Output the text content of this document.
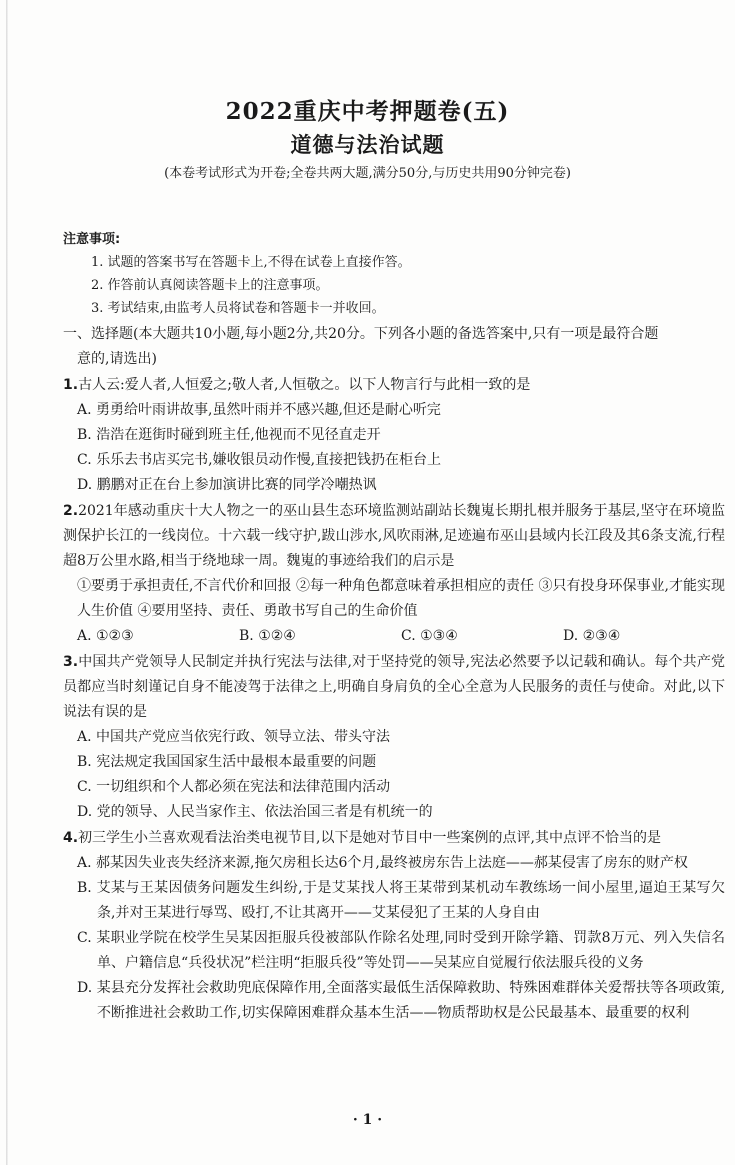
2022重庆中考押题卷(五)
道德与法治试题
(本卷考试形式为开卷;全卷共两大题,满分50分,与历史共用90分钟完卷)
注意事项:
1. 试题的答案书写在答题卡上,不得在试卷上直接作答。
2. 作答前认真阅读答题卡上的注意事项。
3. 考试结束,由监考人员将试卷和答题卡一并收回。
一、选择题(本大题共10小题,每小题2分,共20分。下列各小题的备选答案中,只有一项是最符合题
意的,请选出)
1.古人云:爱人者,人恒爱之;敬人者,人恒敬之。以下人物言行与此相一致的是
A. 勇勇给叶雨讲故事,虽然叶雨并不感兴趣,但还是耐心听完
B. 浩浩在逛街时碰到班主任,他视而不见径直走开
C. 乐乐去书店买完书,嫌收银员动作慢,直接把钱扔在柜台上
D. 鹏鹏对正在台上参加演讲比赛的同学冷嘲热讽
2.2021年感动重庆十大人物之一的巫山县生态环境监测站副站长魏嵬长期扎根并服务于基层,坚守在环境监测保护长江的一线岗位。十六载一线守护,跋山涉水,风吹雨淋,足迹遍布巫山县域内长江段及其6条支流,行程超8万公里水路,相当于绕地球一周。魏嵬的事迹给我们的启示是
①要勇于承担责任,不言代价和回报 ②每一种角色都意味着承担相应的责任 ③只有投身环保事业,才能实现人生价值 ④要用坚持、责任、勇敢书写自己的生命价值
A. ①②③	B. ①②④	C. ①③④	D. ②③④
3.中国共产党领导人民制定并执行宪法与法律,对于坚持党的领导,宪法必然要予以记载和确认。每个共产党员都应当时刻谨记自身不能凌驾于法律之上,明确自身肩负的全心全意为人民服务的责任与使命。对此,以下说法有误的是
A. 中国共产党应当依宪行政、领导立法、带头守法
B. 宪法规定我国国家生活中最根本最重要的问题
C. 一切组织和个人都必须在宪法和法律范围内活动
D. 党的领导、人民当家作主、依法治国三者是有机统一的
4.初三学生小兰喜欢观看法治类电视节目,以下是她对节目中一些案例的点评,其中点评不恰当的是
A. 郝某因失业丧失经济来源,拖欠房租长达6个月,最终被房东告上法庭——郝某侵害了房东的财产权
B. 艾某与王某因债务问题发生纠纷,于是艾某找人将王某带到某机动车教练场一间小屋里,逼迫王某写欠条,并对王某进行辱骂、殴打,不让其离开——艾某侵犯了王某的人身自由
C. 某职业学院在校学生吴某因拒服兵役被部队作除名处理,同时受到开除学籍、罚款8万元、列入失信名单、户籍信息“兵役状况”栏注明“拒服兵役”等处罚——吴某应自觉履行依法服兵役的义务
D. 某县充分发挥社会救助兜底保障作用,全面落实最低生活保障救助、特殊困难群体关爱帮扶等各项政策,不断推进社会救助工作,切实保障困难群众基本生活——物质帮助权是公民最基本、最重要的权利
· 1 ·
